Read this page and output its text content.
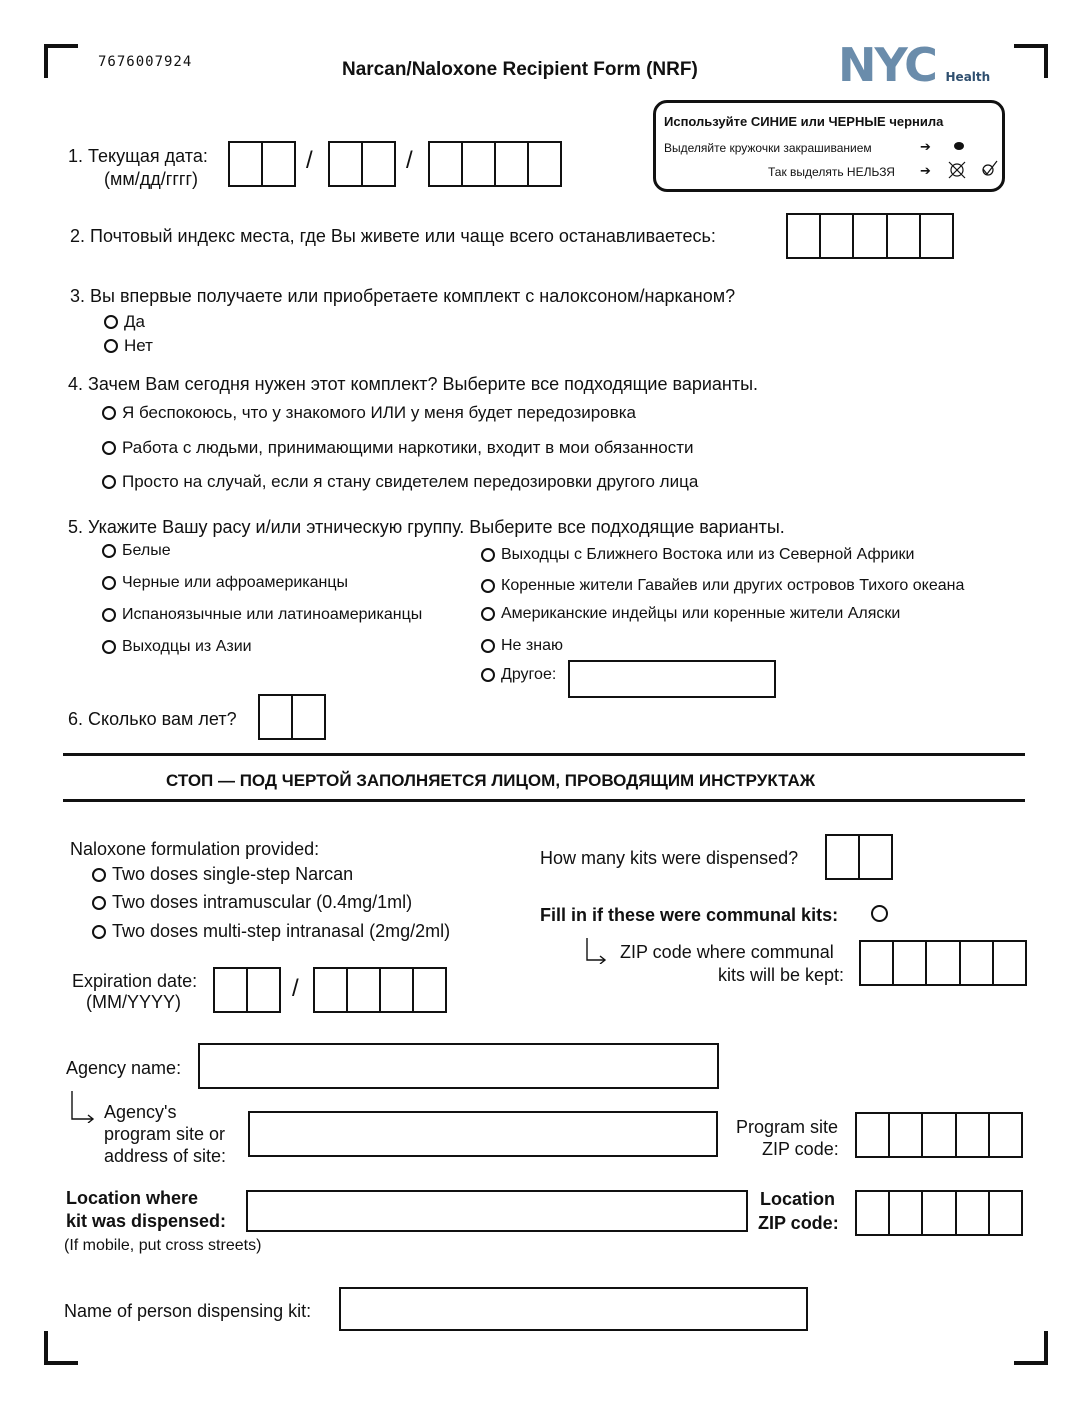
7676007924	Narcan/Naloxone Recipient Form (NRF)	NYC Health
Используйте СИНИЕ или ЧЕРНЫЕ чернила
Выделяйте кружочки закрашиванием	➔
Так выделять НЕЛЬЗЯ ➔
1. Текущая дата:
(мм/дд/гггг)
/	/
2. Почтовый индекс места, где Вы живете или чаще всего останавливаетесь:
3. Вы впервые получаете или приобретаете комплект с налоксоном/нарканом?
Да
Нет
4. Зачем Вам сегодня нужен этот комплект? Выберите все подходящие варианты.
Я беспокоюсь, что у знакомого ИЛИ у меня будет передозировка
Работа с людьми, принимающими наркотики, входит в мои обязанности
Просто на случай, если я стану свидетелем передозировки другого лица
5. Укажите Вашу расу и/или этническую группу. Выберите все подходящие варианты.
Белые
Черные или афроамериканцы
Испаноязычные или латиноамериканцы
Выходцы из Азии
Выходцы с Ближнего Востока или из Северной Африки
Коренные жители Гавайев или других островов Тихого океана
Американские индейцы или коренные жители Аляски
Не знаю
Другое:
6. Сколько вам лет?
СТОП — ПОД ЧЕРТОЙ ЗАПОЛНЯЕТСЯ ЛИЦОМ, ПРОВОДЯЩИМ ИНСТРУКТАЖ
Naloxone formulation provided:
Two doses single-step Narcan
Two doses intramuscular (0.4mg/1ml)
Two doses multi-step intranasal (2mg/2ml)
How many kits were dispensed?
Fill in if these were communal kits:
ZIP code where communal
kits will be kept:
Expiration date:
(MM/YYYY)	/
Agency name:
Agency's
program site or
address of site:
Program site
ZIP code:
Location where
kit was dispensed:
(If mobile, put cross streets)
Location
ZIP code:
Name of person dispensing kit:
